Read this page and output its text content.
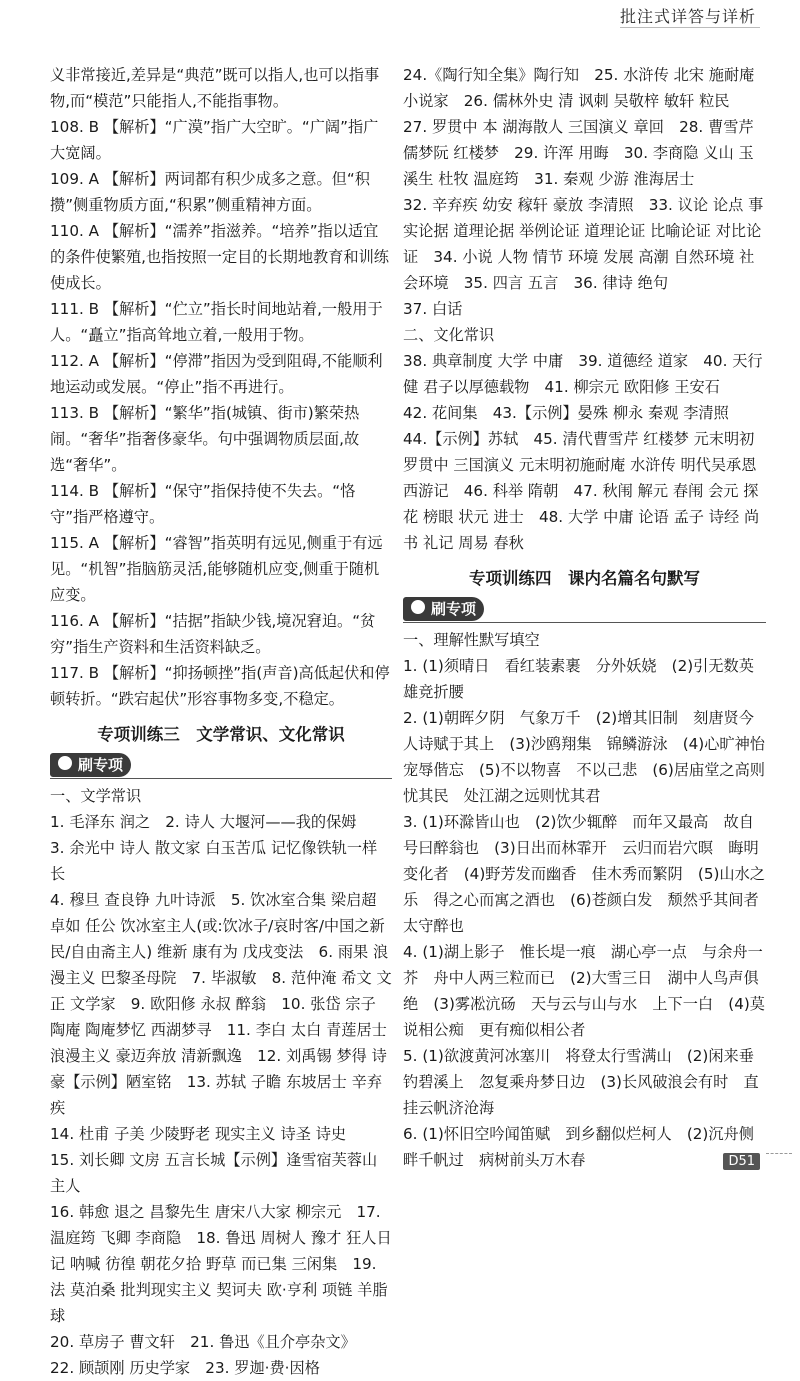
批注式详答与详析

义非常接近,差异是“典范”既可以指人,也可以指事物,而“模范”只能指人,不能指事物。

108. B 【解析】“广漠”指广大空旷。“广阔”指广大宽阔。

109. A 【解析】两词都有积少成多之意。但“积攒”侧重物质方面,“积累”侧重精神方面。

110. A 【解析】“濡养”指滋养。“培养”指以适宜的条件使繁殖,也指按照一定目的长期地教育和训练使成长。

111. B 【解析】“伫立”指长时间地站着,一般用于人。“矗立”指高耸地立着,一般用于物。

112. A 【解析】“停滞”指因为受到阻碍,不能顺利地运动或发展。“停止”指不再进行。

113. B 【解析】“繁华”指(城镇、街市)繁荣热闹。“奢华”指奢侈豪华。句中强调物质层面,故选“奢华”。

114. B 【解析】“保守”指保持使不失去。“恪守”指严格遵守。

115. A 【解析】“睿智”指英明有远见,侧重于有远见。“机智”指脑筋灵活,能够随机应变,侧重于随机应变。

116. A 【解析】“拮据”指缺少钱,境况窘迫。“贫穷”指生产资料和生活资料缺乏。

117. B 【解析】“抑扬顿挫”指(声音)高低起伏和停顿转折。“跌宕起伏”形容事物多变,不稳定。

专项训练三　文学常识、文化常识
刷专项

一、文学常识

1. 毛泽东 润之　2. 诗人 大堰河——我的保姆

3. 余光中 诗人 散文家 白玉苦瓜 记忆像铁轨一样长

4. 穆旦 查良铮 九叶诗派　5. 饮冰室合集 梁启超 卓如 任公 饮冰室主人(或:饮冰子/哀时客/中国之新民/自由斋主人) 维新 康有为 戊戌变法　6. 雨果 浪漫主义 巴黎圣母院　7. 毕淑敏　8. 范仲淹 希文 文正 文学家　9. 欧阳修 永叔 醉翁　10. 张岱 宗子 陶庵 陶庵梦忆 西湖梦寻　11. 李白 太白 青莲居士 浪漫主义 豪迈奔放 清新飘逸　12. 刘禹锡 梦得 诗豪【示例】陋室铭　13. 苏轼 子瞻 东坡居士 辛弃疾

14. 杜甫 子美 少陵野老 现实主义 诗圣 诗史

15. 刘长卿 文房 五言长城【示例】逢雪宿芙蓉山主人

16. 韩愈 退之 昌黎先生 唐宋八大家 柳宗元　17. 温庭筠 飞卿 李商隐　18. 鲁迅 周树人 豫才 狂人日记 呐喊 彷徨 朝花夕拾 野草 而已集 三闲集　19. 法 莫泊桑 批判现实主义 契诃夫 欧·亨利 项链 羊脂球

20. 草房子 曹文轩　21. 鲁迅《且介亭杂文》

22. 顾颉刚 历史学家　23. 罗迦·费·因格

24.《陶行知全集》陶行知　25. 水浒传 北宋 施耐庵 小说家　26. 儒林外史 清 讽刺 吴敬梓 敏轩 粒民

27. 罗贯中 本 湖海散人 三国演义 章回　28. 曹雪芹 儒梦阮 红楼梦　29. 许浑 用晦　30. 李商隐 义山 玉溪生 杜牧 温庭筠　31. 秦观 少游 淮海居士

32. 辛弃疾 幼安 稼轩 豪放 李清照　33. 议论 论点 事实论据 道理论据 举例论证 道理论证 比喻论证 对比论证　34. 小说 人物 情节 环境 发展 高潮 自然环境 社会环境　35. 四言 五言　36. 律诗 绝句

37. 白话

二、文化常识

38. 典章制度 大学 中庸　39. 道德经 道家　40. 天行健 君子以厚德载物　41. 柳宗元 欧阳修 王安石

42. 花间集　43.【示例】晏殊 柳永 秦观 李清照

44.【示例】苏轼　45. 清代曹雪芹 红楼梦 元末明初罗贯中 三国演义 元末明初施耐庵 水浒传 明代吴承恩 西游记　46. 科举 隋朝　47. 秋闱 解元 春闱 会元 探花 榜眼 状元 进士　48. 大学 中庸 论语 孟子 诗经 尚书 礼记 周易 春秋

专项训练四　课内名篇名句默写
刷专项

一、理解性默写填空

1. (1)须晴日　看红装素裹　分外妖娆　(2)引无数英雄竞折腰

2. (1)朝晖夕阴　气象万千　(2)增其旧制　刻唐贤今人诗赋于其上　(3)沙鸥翔集　锦鳞游泳　(4)心旷神怡　宠辱偕忘　(5)不以物喜　不以己悲　(6)居庙堂之高则忧其民　处江湖之远则忧其君

3. (1)环滁皆山也　(2)饮少辄醉　而年又最高　故自号曰醉翁也　(3)日出而林霏开　云归而岩穴暝　晦明变化者　(4)野芳发而幽香　佳木秀而繁阴　(5)山水之乐　得之心而寓之酒也　(6)苍颜白发　颓然乎其间者　太守醉也

4. (1)湖上影子　惟长堤一痕　湖心亭一点　与余舟一芥　舟中人两三粒而已　(2)大雪三日　湖中人鸟声俱绝　(3)雾凇沆砀　天与云与山与水　上下一白　(4)莫说相公痴　更有痴似相公者

5. (1)欲渡黄河冰塞川　将登太行雪满山　(2)闲来垂钓碧溪上　忽复乘舟梦日边　(3)长风破浪会有时　直挂云帆济沧海

6. (1)怀旧空吟闻笛赋　到乡翻似烂柯人　(2)沉舟侧畔千帆过　病树前头万木春	D51
